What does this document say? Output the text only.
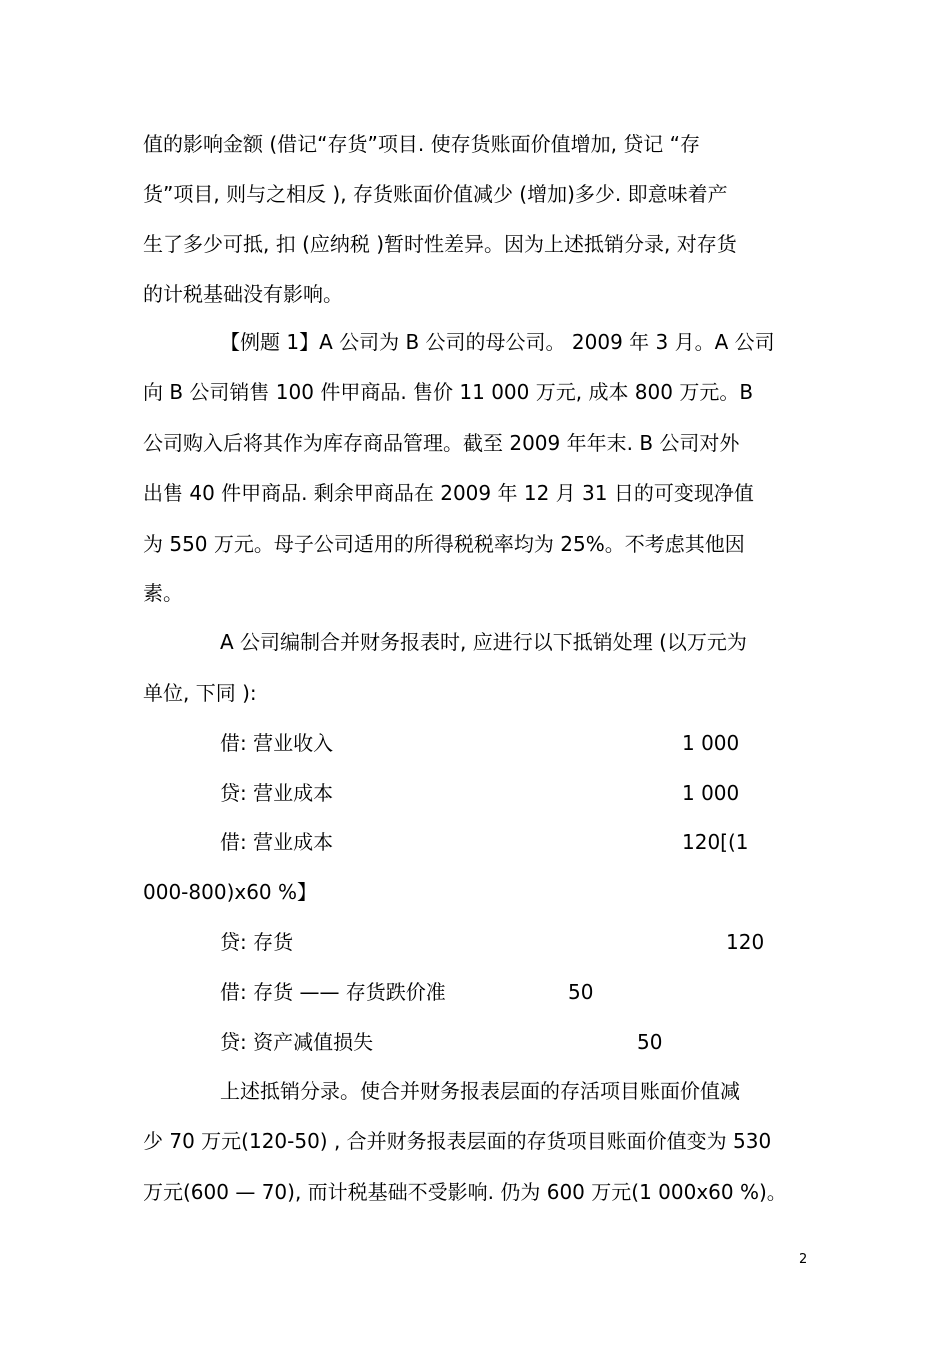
值的影响金额 (借记“存货”项目. 使存货账面价值增加, 贷记 “存
货”项目, 则与之相反 ), 存货账面价值减少 (增加)多少. 即意味着产
生了多少可抵, 扣 (应纳税 )暂时性差异。因为上述抵销分录, 对存货
的计税基础没有影响。
【例题 1】A 公司为 B 公司的母公司。 2009 年 3 月。A 公司
向 B 公司销售 100 件甲商品. 售价 11 000 万元, 成本 800 万元。B
公司购入后将其作为库存商品管理。截至 2009 年年末. B 公司对外
出售 40 件甲商品. 剩余甲商品在 2009 年 12 月 31 日的可变现净值
为 550 万元。母子公司适用的所得税税率均为 25%。不考虑其他因
素。
A 公司编制合并财务报表时, 应进行以下抵销处理 (以万元为
单位, 下同 ):
借: 营业收入	1 000
贷: 营业成本	1 000
借: 营业成本	120[(1
000-800)x60 %】
贷: 存货	120
借: 存货 —— 存货跌价准	50
贷: 资产减值损失	50
上述抵销分录。使合并财务报表层面的存活项目账面价值减
少 70 万元(120-50) , 合并财务报表层面的存货项目账面价值变为 530
万元(600 — 70), 而计税基础不受影响. 仍为 600 万元(1 000x60 %)。
2
